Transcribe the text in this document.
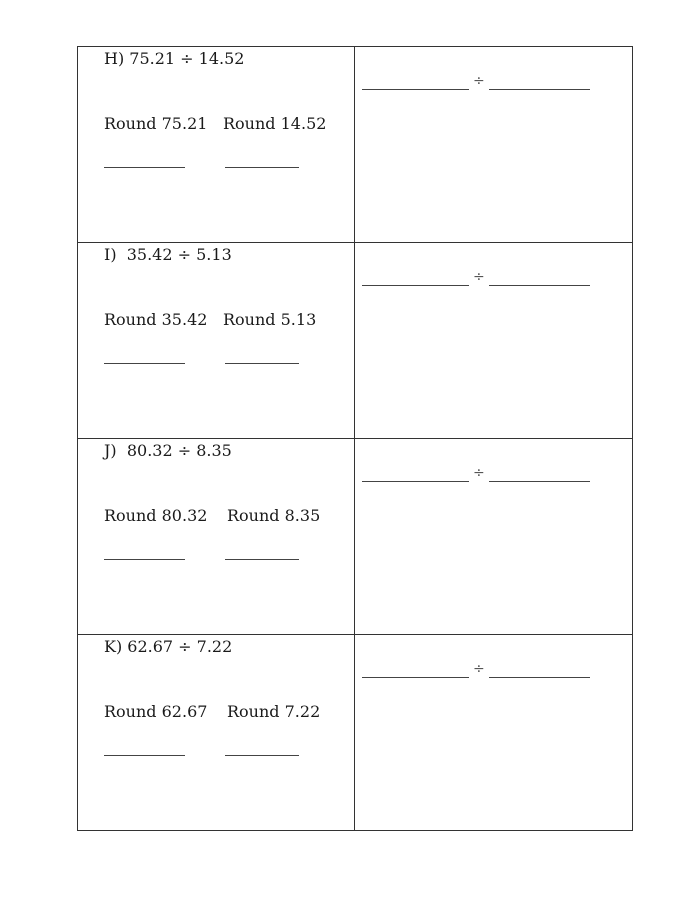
H) 75.21 ÷ 14.52
Round 75.21 Round 14.52	÷

I)  35.42 ÷ 5.13
Round 35.42 Round 5.13	÷

J)  80.32 ÷ 8.35
Round 80.32 Round 8.35	÷

K) 62.67 ÷ 7.22
Round 62.67 Round 7.22	÷
